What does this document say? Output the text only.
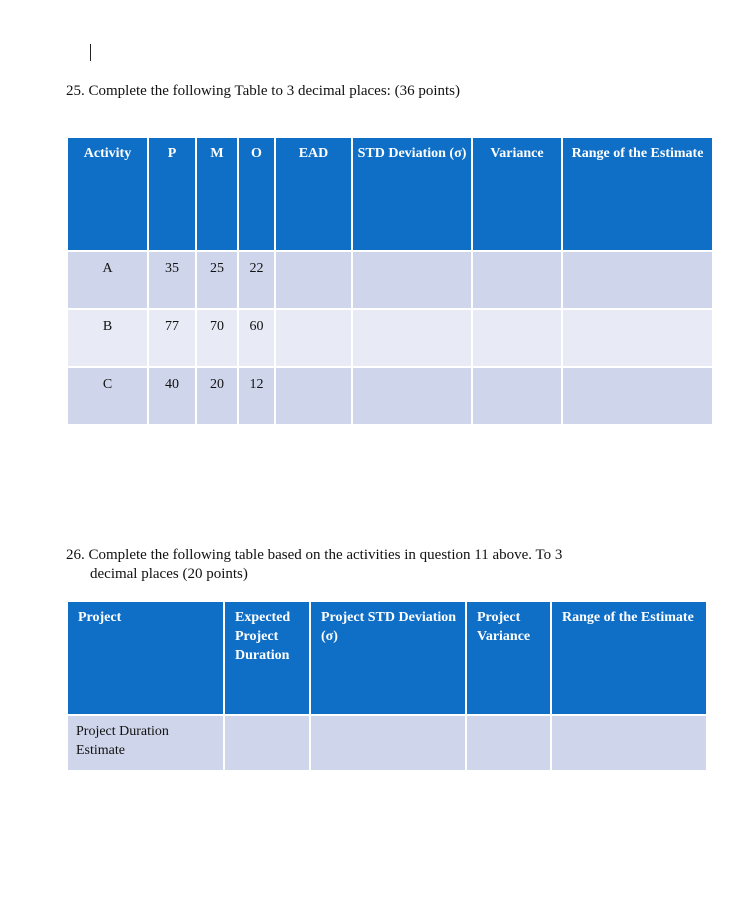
25. Complete the following Table to 3 decimal places: (36 points)

Activity	P	M	O	EAD	STD Deviation (σ)	Variance	Range of the Estimate
A	35	25	22				
B	77	70	60				
C	40	20	12				

26. Complete the following table based on the activities in question 11 above. To 3

decimal places (20 points)

Project	Expected Project Duration	Project STD Deviation (σ)	Project Variance	Range of the Estimate
Project Duration Estimate				
